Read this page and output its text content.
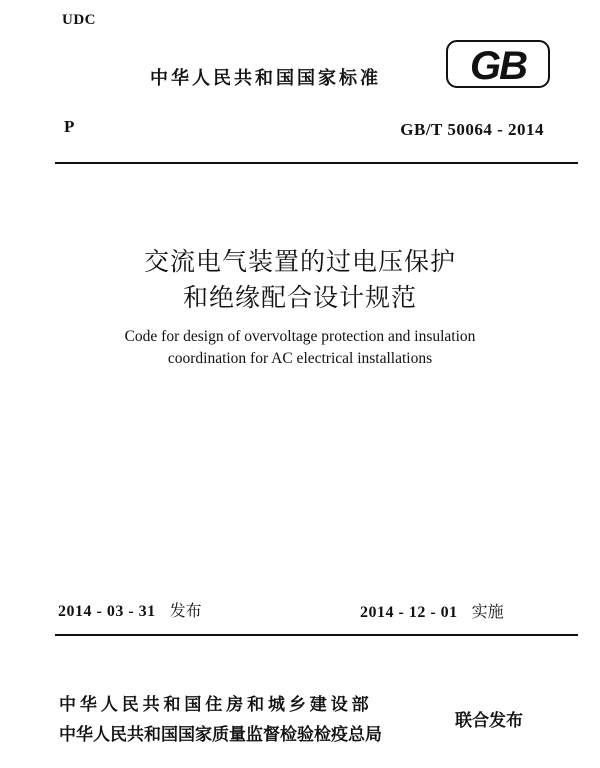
UDC
中华人民共和国国家标准 GB
P	GB/T 50064 - 2014
交流电气装置的过电压保护
和绝缘配合设计规范
Code for design of overvoltage protection and insulation
coordination for AC electrical installations
2014 - 03 - 31 发布	2014 - 12 - 01 实施
中华人民共和国住房和城乡建设部
中华人民共和国国家质量监督检验检疫总局
联合发布
